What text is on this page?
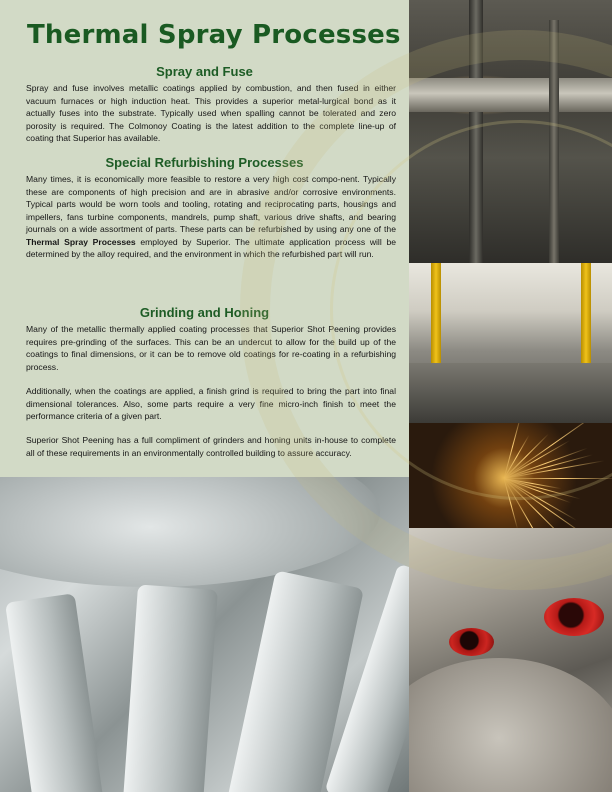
Thermal Spray Processes
Spray and Fuse

Spray and fuse involves metallic coatings applied by combustion, and then fused in either vacuum furnaces or high induction heat. This provides a superior metal-lurgical bond as it actually fuses into the substrate. Typically used when spalling cannot be tolerated and zero porosity is required. The Colmonoy Coating is the latest addition to the complete line-up of coating that Superior has available.

Special Refurbishing Processes

Many times, it is economically more feasible to restore a very high cost compo-nent. Typically these are components of high precision and are in abrasive and/or corrosive environments. Typical parts would be worn tools and tooling, rotating and reciprocating parts, housings and impellers, fans turbine components, mandrels, pump shaft, various drive shafts, and bearing journals on a wide assortment of parts. These parts can be refurbished by using any one of the Thermal Spray Processes employed by Superior. The ultimate application process will be determined by the alloy required, and the environment in which the refurbished part will run.

Grinding and Honing

Many of the metallic thermally applied coating processes that Superior Shot Peening provides requires pre-grinding of the surfaces. This can be an undercut to allow for the build up of the coatings to final dimensions, or it can be to remove old coatings for re-coating in a refurbishing process.

Additionally, when the coatings are applied, a finish grind is required to bring the part into final dimensional tolerances. Also, some parts require a very fine micro-inch finish to meet the performance criteria of a given part.

Superior Shot Peening has a full compliment of grinders and honing units in-house to complete all of these requirements in an environmentally controlled building to assure accuracy.
